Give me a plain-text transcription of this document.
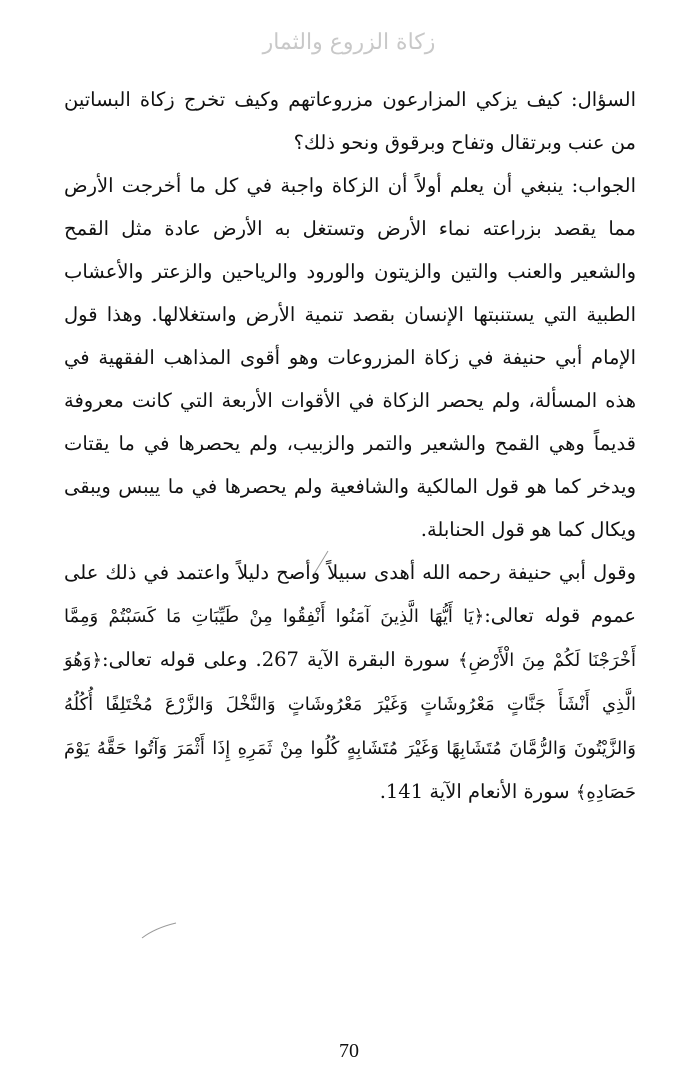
زكاة الزروع والثمار

السؤال: كيف يزكي المزارعون مزروعاتهم وكيف تخرج زكاة البساتين من عنب وبرتقال وتفاح وبرقوق ونحو ذلك؟

الجواب: ينبغي أن يعلم أولاً أن الزكاة واجبة في كل ما أخرجت الأرض مما يقصد بزراعته نماء الأرض وتستغل به الأرض عادة مثل القمح والشعير والعنب والتين والزيتون والورود والرياحين والزعتر والأعشاب الطبية التي يستنبتها الإنسان بقصد تنمية الأرض واستغلالها. وهذا قول الإمام أبي حنيفة في زكاة المزروعات وهو أقوى المذاهب الفقهية في هذه المسألة، ولم يحصر الزكاة في الأقوات الأربعة التي كانت معروفة قديماً وهي القمح والشعير والتمر والزبيب، ولم يحصرها في ما يقتات ويدخر كما هو قول المالكية والشافعية ولم يحصرها في ما ييبس ويبقى ويكال كما هو قول الحنابلة.

وقول أبي حنيفة رحمه الله أهدى سبيلاً وأصح دليلاً واعتمد في ذلك على عموم قوله تعالى:﴿يَا أَيُّهَا الَّذِينَ آمَنُوا أَنْفِقُوا مِنْ طَيِّبَاتِ مَا كَسَبْتُمْ وَمِمَّا أَخْرَجْنَا لَكُمْ مِنَ الْأَرْضِ﴾ سورة البقرة الآية 267. وعلى قوله تعالى:﴿وَهُوَ الَّذِي أَنْشَأَ جَنَّاتٍ مَعْرُوشَاتٍ وَغَيْرَ مَعْرُوشَاتٍ وَالنَّخْلَ وَالزَّرْعَ مُخْتَلِفًا أُكُلُهُ وَالزَّيْتُونَ وَالرُّمَّانَ مُتَشَابِهًا وَغَيْرَ مُتَشَابِهٍ كُلُوا مِنْ ثَمَرِهِ إِذَا أَثْمَرَ وَآتُوا حَقَّهُ يَوْمَ حَصَادِهِ﴾ سورة الأنعام الآية 141.

70
